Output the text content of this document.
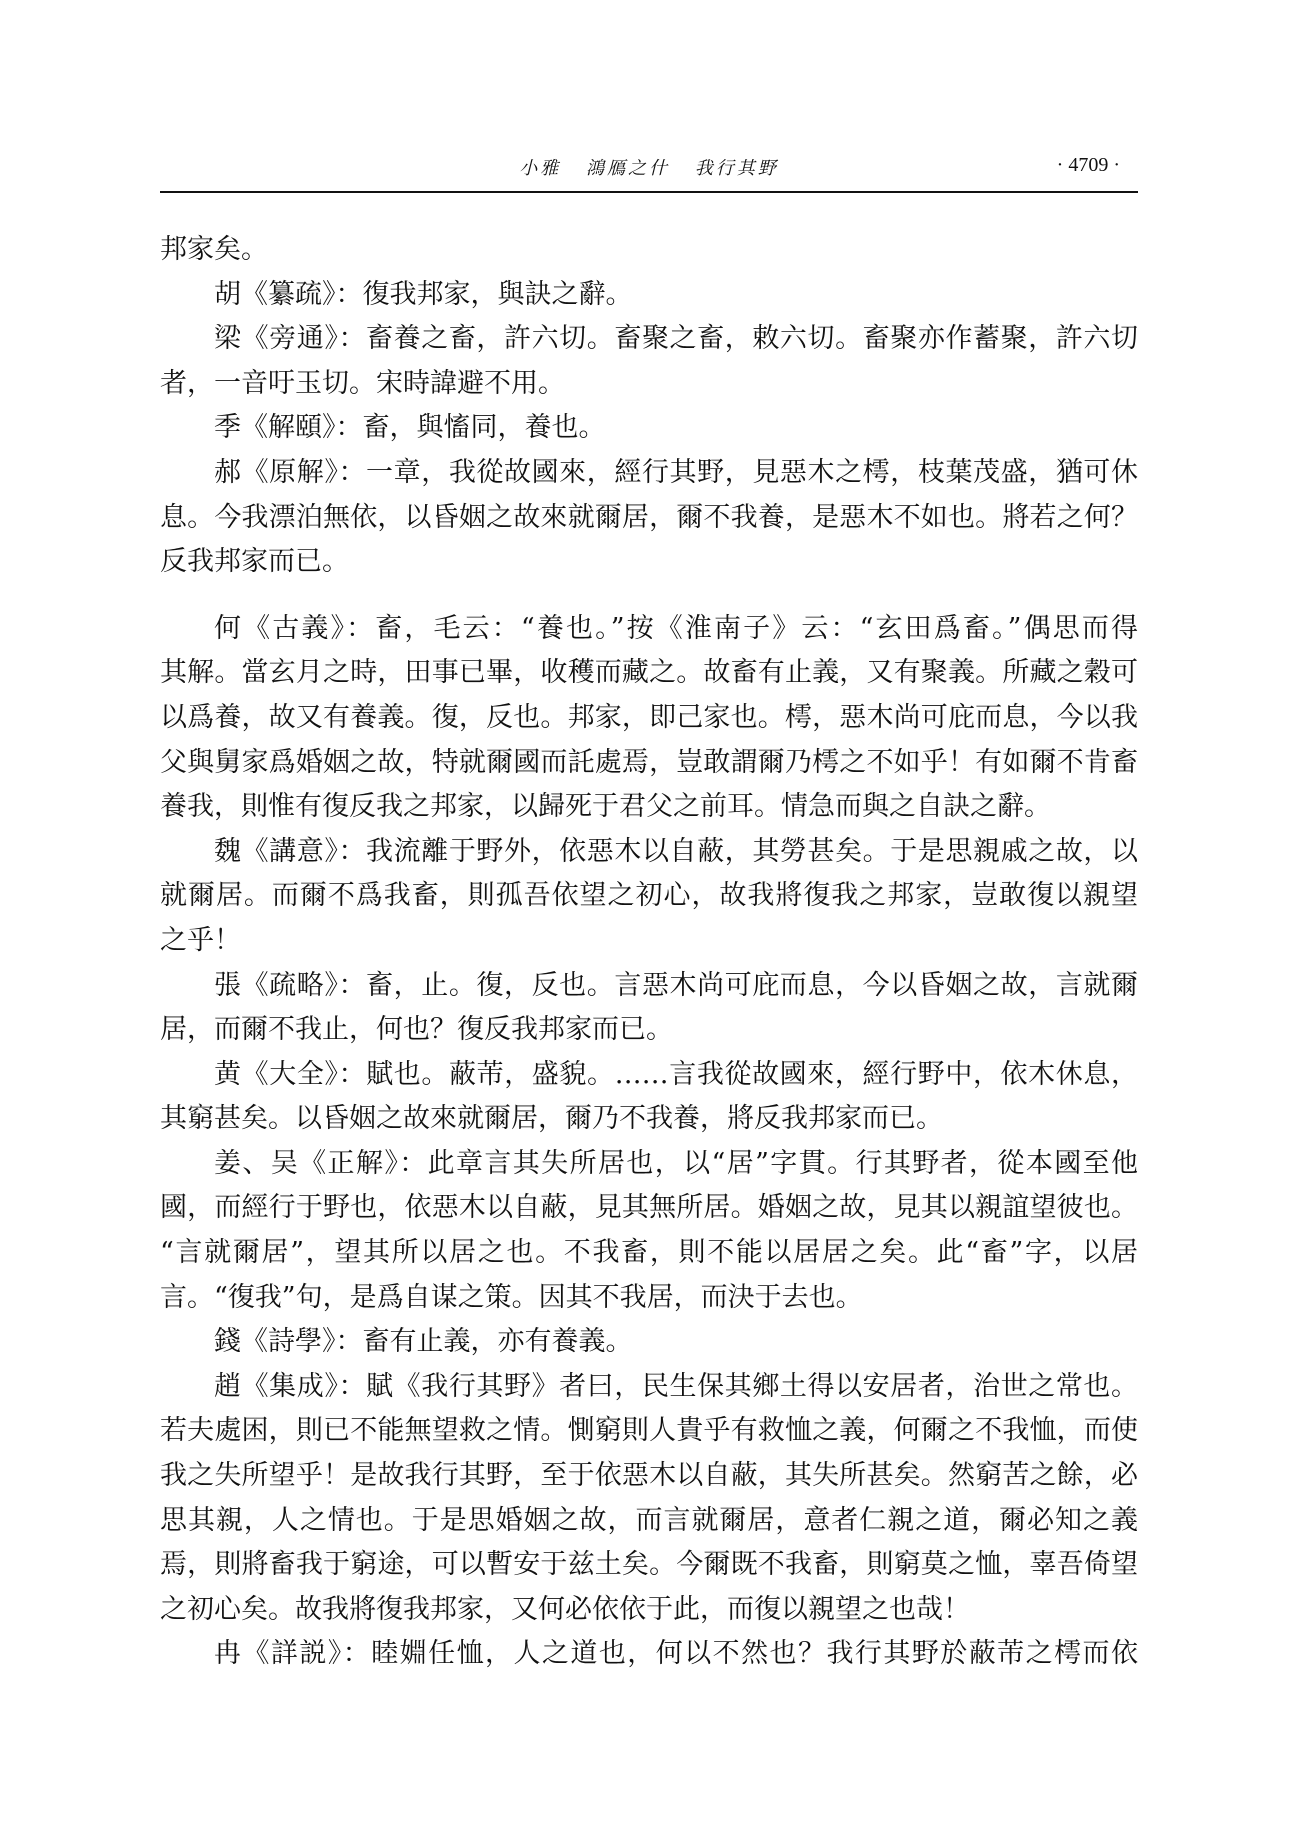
小雅 鴻鴈之什 我行其野	· 4709 ·
邦家矣。
胡《纂疏》：復我邦家，與訣之辭。
梁《旁通》：畜養之畜，許六切。畜聚之畜，敕六切。畜聚亦作蓄聚，許六切
者，一音吁玉切。宋時諱避不用。
季《解頤》：畜，與慉同，養也。
郝《原解》：一章，我從故國來，經行其野，見惡木之樗，枝葉茂盛，猶可休
息。今我漂泊無依，以昏姻之故來就爾居，爾不我養，是惡木不如也。將若之何？
反我邦家而已。
何《古義》：畜，毛云：“養也。”按《淮南子》云：“玄田爲畜。”偶思而得
其解。當玄月之時，田事已畢，收穫而藏之。故畜有止義，又有聚義。所藏之穀可
以爲養，故又有養義。復，反也。邦家，即己家也。樗，惡木尚可庇而息，今以我
父與舅家爲婚姻之故，特就爾國而託處焉，豈敢謂爾乃樗之不如乎！有如爾不肯畜
養我，則惟有復反我之邦家，以歸死于君父之前耳。情急而與之自訣之辭。
魏《講意》：我流離于野外，依惡木以自蔽，其勞甚矣。于是思親戚之故，以
就爾居。而爾不爲我畜，則孤吾依望之初心，故我將復我之邦家，豈敢復以親望
之乎！
張《疏略》：畜，止。復，反也。言惡木尚可庇而息，今以昏姻之故，言就爾
居，而爾不我止，何也？復反我邦家而已。
黄《大全》：賦也。蔽芾，盛貌。……言我從故國來，經行野中，依木休息，
其窮甚矣。以昏姻之故來就爾居，爾乃不我養，將反我邦家而已。
姜、吴《正解》：此章言其失所居也，以“居”字貫。行其野者，從本國至他
國，而經行于野也，依惡木以自蔽，見其無所居。婚姻之故，見其以親誼望彼也。
“言就爾居”，望其所以居之也。不我畜，則不能以居居之矣。此“畜”字，以居
言。“復我”句，是爲自谋之策。因其不我居，而決于去也。
錢《詩學》：畜有止義，亦有養義。
趙《集成》：賦《我行其野》者曰，民生保其鄉土得以安居者，治世之常也。
若夫處困，則已不能無望救之情。惻窮則人貴乎有救恤之義，何爾之不我恤，而使
我之失所望乎！是故我行其野，至于依惡木以自蔽，其失所甚矣。然窮苦之餘，必
思其親，人之情也。于是思婚姻之故，而言就爾居，意者仁親之道，爾必知之義
焉，則將畜我于窮途，可以暫安于兹土矣。今爾既不我畜，則窮莫之恤，辜吾倚望
之初心矣。故我將復我邦家，又何必依依于此，而復以親望之也哉！
冉《詳説》：睦婣任恤，人之道也，何以不然也？我行其野於蔽芾之樗而依
